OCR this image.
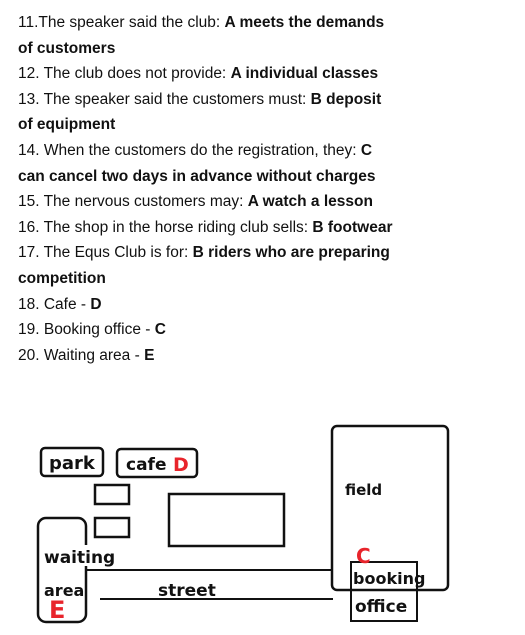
11.The speaker said the club: A meets the demands
of customers
12. The club does not provide: A individual classes
13. The speaker said the customers must: B deposit
of equipment
14. When the customers do the registration, they: C
can cancel two days in advance without charges
15. The nervous customers may: A watch a lesson
16. The shop in the horse riding club sells: B footwear
17. The Equs Club is for: B riders who are preparing
competition
18. Cafe - D
19. Booking office - C
20. Waiting area - E
park cafe D
field
waiting
area
E
street
booking
office
C
